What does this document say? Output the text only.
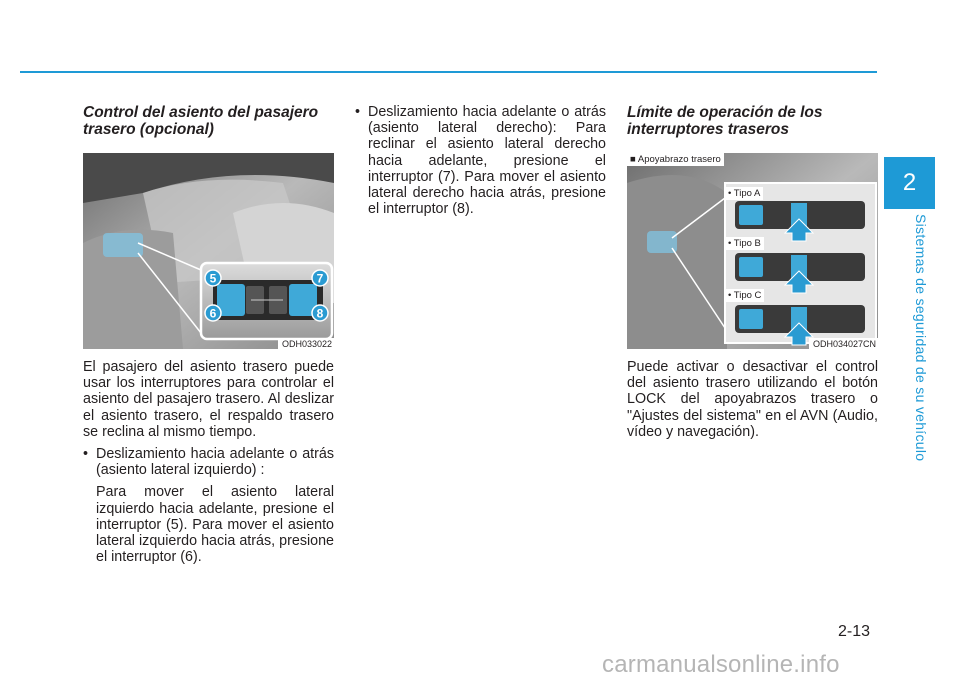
2
Sistemas de seguridad de su vehículo
Control del asiento del pasajero trasero (opcional)
5
6
7
8
ODH033022

El pasajero del asiento trasero puede usar los interruptores para controlar el asiento del pasajero trasero. Al deslizar el asiento trasero, el respaldo trasero se reclina al mismo tiempo.

• Deslizamiento hacia adelante o atrás (asiento lateral izquierdo) :

Para mover el asiento lateral izquierdo hacia adelante, presione el interruptor (5). Para mover el asiento lateral izquierdo hacia atrás, presione el interruptor (6).

• Deslizamiento hacia adelante o atrás (asiento lateral derecho): Para reclinar el asiento lateral derecho hacia adelante, presione el interruptor (7). Para mover el asiento lateral derecho hacia atrás, presione el interruptor (8).
Límite de operación de los interruptores traseros
■ Apoyabrazo trasero
• Tipo A
• Tipo B
• Tipo C
ODH034027CN

Puede activar o desactivar el control del asiento trasero utilizando el botón LOCK del apoyabrazos trasero o "Ajustes del sistema" en el AVN (Audio, vídeo y navegación).

2-13
carmanualsonline.info
